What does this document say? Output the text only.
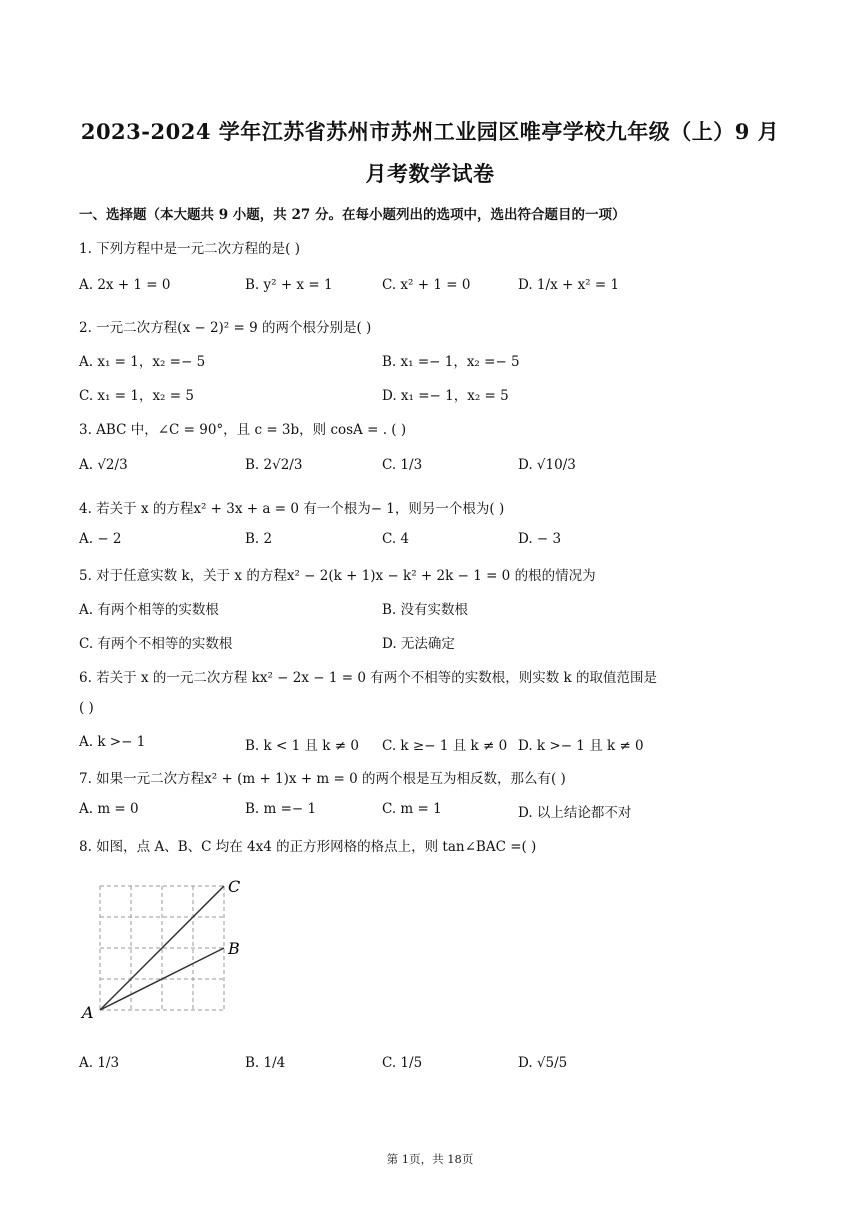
2023-2024 学年江苏省苏州市苏州工业园区唯亭学校九年级（上）9 月
月考数学试卷
一、选择题（本大题共 9 小题，共 27 分。在每小题列出的选项中，选出符合题目的一项）
1. 下列方程中是一元二次方程的是( )
A. 2x + 1 = 0	B. y² + x = 1	C. x² + 1 = 0	D. 1/x + x² = 1
2. 一元二次方程(x − 2)² = 9 的两个根分别是( )
A. x₁ = 1，x₂ =− 5	B. x₁ =− 1，x₂ =− 5
C. x₁ = 1，x₂ = 5	D. x₁ =− 1，x₂ = 5
3. ABC 中，∠C = 90°，且 c = 3b，则 cosA = . ( )
A. √2/3	B. 2√2/3	C. 1/3	D. √10/3
4. 若关于 x 的方程x² + 3x + a = 0 有一个根为− 1，则另一个根为( )
A. − 2	B. 2	C. 4	D. − 3
5. 对于任意实数 k，关于 x 的方程x² − 2(k + 1)x − k² + 2k − 1 = 0 的根的情况为
A. 有两个相等的实数根	B. 没有实数根
C. 有两个不相等的实数根	D. 无法确定
6. 若关于 x 的一元二次方程 kx² − 2x − 1 = 0 有两个不相等的实数根，则实数 k 的取值范围是
( )
A. k >− 1	B. k < 1 且 k ≠ 0 C. k ≥− 1 且 k ≠ 0 D. k >− 1 且 k ≠ 0
7. 如果一元二次方程x² + (m + 1)x + m = 0 的两个根是互为相反数，那么有( )
A. m = 0	B. m =− 1	C. m = 1	D. 以上结论都不对
8. 如图，点 A、B、C 均在 4x4 的正方形网格的格点上，则 tan∠BAC =( )
A
B
C
A. 1/3	B. 1/4	C. 1/5	D. √5/5
第 1页，共 18页
